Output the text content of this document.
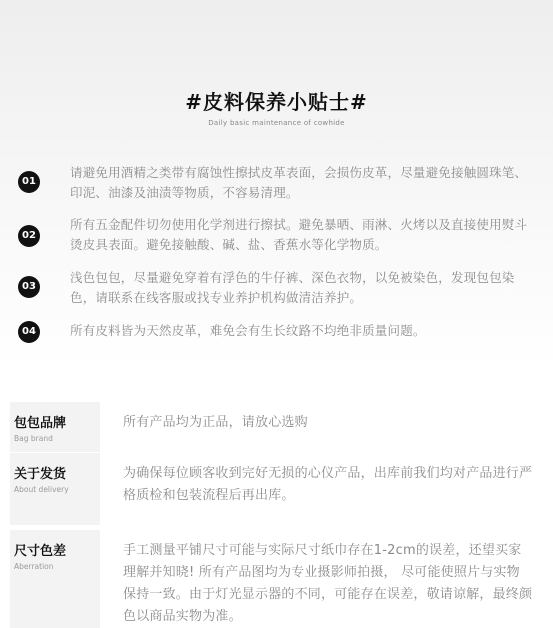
#皮料保养小贴士#
Daily basic maintenance of cowhide
01
请避免用酒精之类带有腐蚀性擦拭皮革表面，会损伤皮革，尽量避免接触圆珠笔、印泥、油漆及油渍等物质，不容易清理。
02
所有五金配件切勿使用化学剂进行擦拭。避免暴晒、雨淋、火烤以及直接使用熨斗烫皮具表面。避免接触酸、碱、盐、香蕉水等化学物质。
03
浅色包包，尽量避免穿着有浮色的牛仔裤、深色衣物，以免被染色，发现包包染色，请联系在线客服或找专业养护机构做清洁养护。
04	所有皮料皆为天然皮革，难免会有生长纹路不均绝非质量问题。
包包品牌
Bag brand
所有产品均为正品，请放心选购
关于发货
About delivery
为确保每位顾客收到完好无损的心仪产品，出库前我们均对产品进行严格质检和包装流程后再出库。
尺寸色差
Aberration
手工测量平铺尺寸可能与实际尺寸纸巾存在1-2cm的误差，还望买家理解并知晓! 所有产品图均为专业摄影师拍摄， 尽可能使照片与实物保持一致。由于灯光显示器的不同，可能存在误差，敬请谅解，最终颜色以商品实物为准。
